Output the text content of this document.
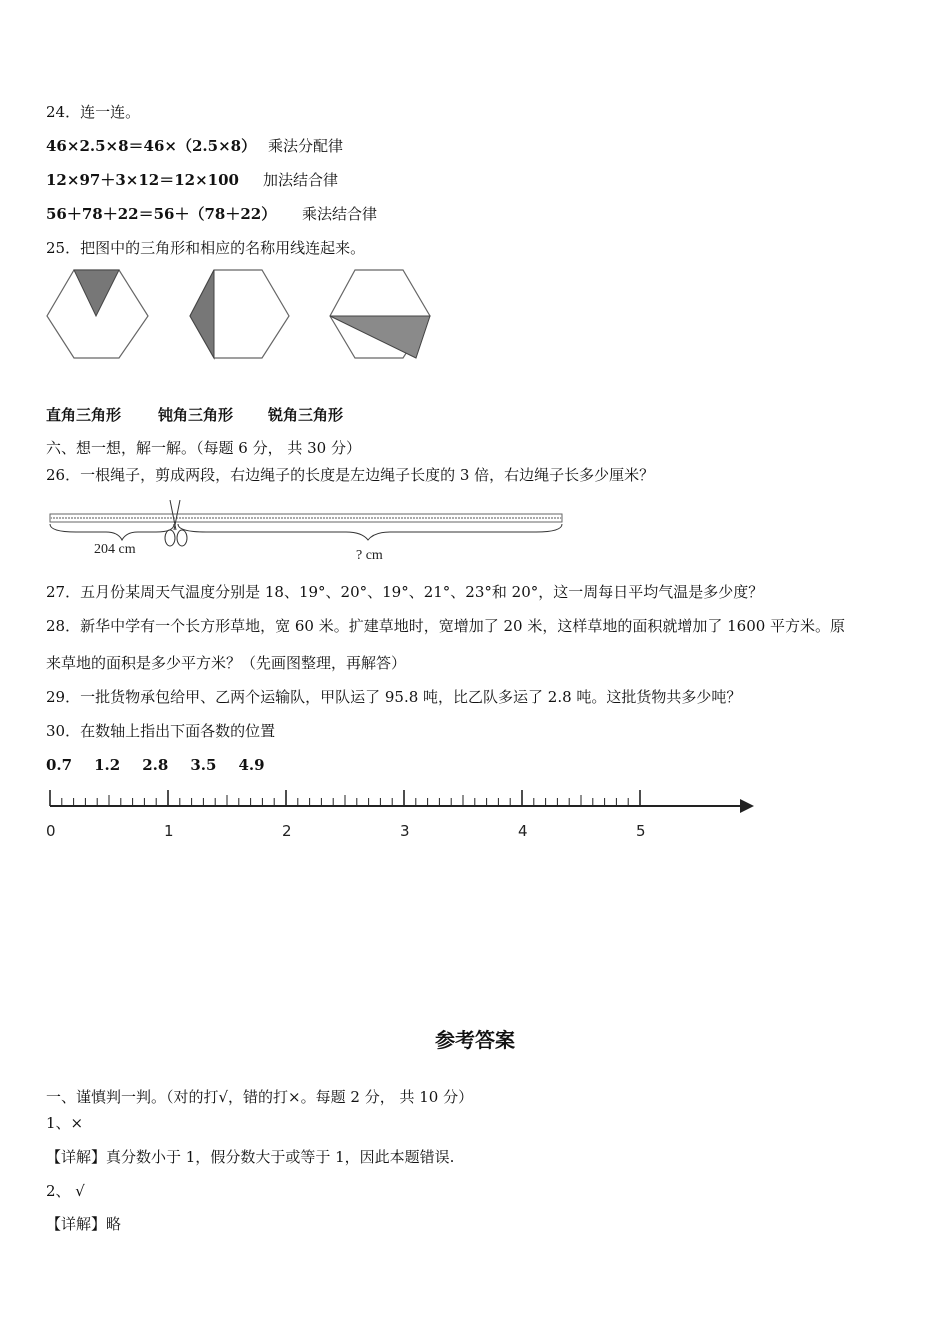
24．连一连。
46×2.5×8＝46×（2.5×8） 乘法分配律
12×97＋3×12＝12×100 加法结合律
56＋78＋22＝56＋（78＋22） 乘法结合律
25．把图中的三角形和相应的名称用线连起来。
直角三角形 钝角三角形 锐角三角形
六、想一想，解一解。（每题 6 分， 共 30 分）
26．一根绳子，剪成两段，右边绳子的长度是左边绳子长度的 3 倍，右边绳子长多少厘米？
204 cm	? cm
27．五月份某周天气温度分别是 18、19°、20°、19°、21°、23°和 20°，这一周每日平均气温是多少度？
28．新华中学有一个长方形草地，宽 60 米。扩建草地时，宽增加了 20 米，这样草地的面积就增加了 1600 平方米。原
来草地的面积是多少平方米？（先画图整理，再解答）
29．一批货物承包给甲、乙两个运输队，甲队运了 95.8 吨，比乙队多运了 2.8 吨。这批货物共多少吨？
30．在数轴上指出下面各数的位置
0.7 1.2 2.8 3.5 4.9
0	1	2	3	4	5
参考答案
一、谨慎判一判。（对的打√，错的打×。每题 2 分， 共 10 分）
1、×
【详解】真分数小于 1，假分数大于或等于 1，因此本题错误.
2、 √
【详解】略
